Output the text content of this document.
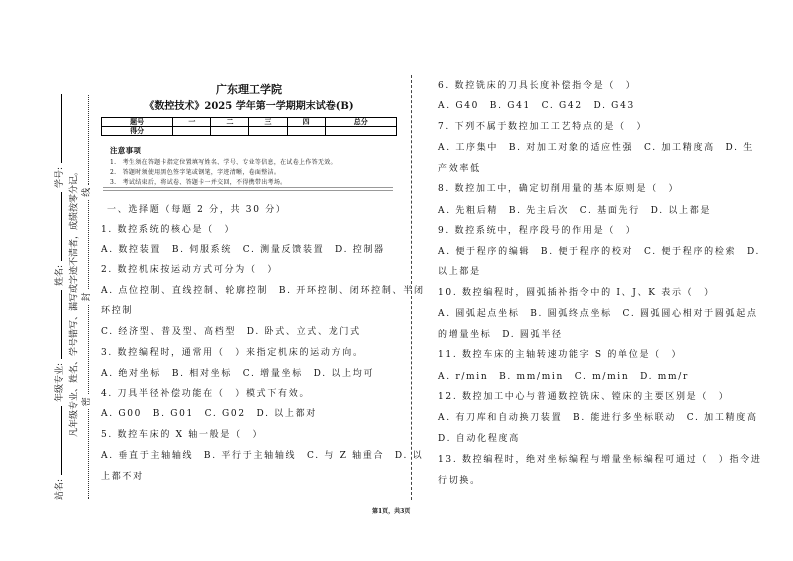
站名:
年级专业:
姓名:
学号: 凡年级专业、姓名、学号错写、漏写或字迹不清者，成绩按零分记。 密
封
线
广东理工学院
《数控技术》2025 学年第一学期期末试卷(B)
题号	一	二	三	四	总分
得分					
注意事项
1.　考生须在答题卡指定位置填写姓名、学号、专业等信息，在试卷上作答无效。
2.　答题时须使用黑色签字笔或钢笔，字迹清晰，卷面整洁。
3.　考试结束后，将试卷、答题卡一并交回，不得携带出考场。
一、选择题（每题 2 分，共 30 分）
1. 数控系统的核心是（　）
A. 数控装置　B. 伺服系统　C. 测量反馈装置　D. 控制器
2. 数控机床按运动方式可分为（　）
A. 点位控制、直线控制、轮廓控制　B. 开环控制、闭环控制、半闭
环控制
C. 经济型、普及型、高档型　D. 卧式、立式、龙门式
3. 数控编程时，通常用（　）来指定机床的运动方向。
A. 绝对坐标　B. 相对坐标　C. 增量坐标　D. 以上均可
4. 刀具半径补偿功能在（　）模式下有效。
A. G00　B. G01　C. G02　D. 以上都对
5. 数控车床的 X 轴一般是（　）
A. 垂直于主轴轴线　B. 平行于主轴轴线　C. 与 Z 轴重合　D. 以
上都不对
6. 数控铣床的刀具长度补偿指令是（　）
A. G40　B. G41　C. G42　D. G43
7. 下列不属于数控加工工艺特点的是（　）
A. 工序集中　B. 对加工对象的适应性强　C. 加工精度高　D. 生
产效率低
8. 数控加工中，确定切削用量的基本原则是（　）
A. 先粗后精　B. 先主后次　C. 基面先行　D. 以上都是
9. 数控系统中，程序段号的作用是（　）
A. 便于程序的编辑　B. 便于程序的校对　C. 便于程序的检索　D.
以上都是
10. 数控编程时，圆弧插补指令中的 I、J、K 表示（　）
A. 圆弧起点坐标　B. 圆弧终点坐标　C. 圆弧圆心相对于圆弧起点
的增量坐标　D. 圆弧半径
11. 数控车床的主轴转速功能字 S 的单位是（　）
A. r/min　B. mm/min　C. m/min　D. mm/r
12. 数控加工中心与普通数控铣床、镗床的主要区别是（　）
A. 有刀库和自动换刀装置　B. 能进行多坐标联动　C. 加工精度高
D. 自动化程度高
13. 数控编程时，绝对坐标编程与增量坐标编程可通过（　）指令进
行切换。
第1页，共3页
